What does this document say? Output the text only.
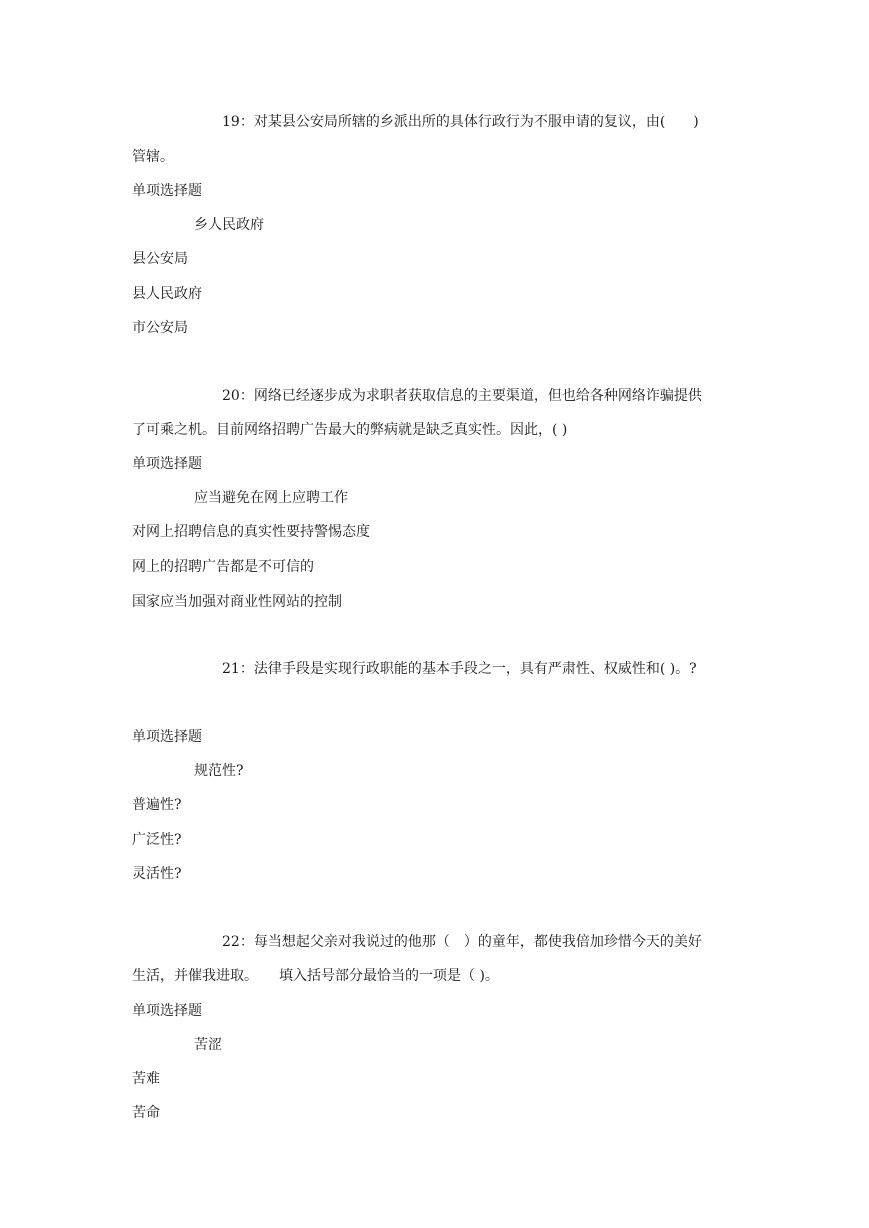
19：对某县公安局所辖的乡派出所的具体行政行为不服申请的复议，由(　　)
管辖。
单项选择题
乡人民政府
县公安局
县人民政府
市公安局
20：网络已经逐步成为求职者获取信息的主要渠道，但也给各种网络诈骗提供
了可乘之机。目前网络招聘广告最大的弊病就是缺乏真实性。因此，( )
单项选择题
应当避免在网上应聘工作
对网上招聘信息的真实性要持警惕态度
网上的招聘广告都是不可信的
国家应当加强对商业性网站的控制
21：法律手段是实现行政职能的基本手段之一，具有严肃性、权威性和( )。?
单项选择题
规范性?
普遍性?
广泛性?
灵活性?
22：每当想起父亲对我说过的他那（　）的童年，都使我倍加珍惜今天的美好
生活，并催我进取。　　填入括号部分最恰当的一项是（ )。
单项选择题
苦涩
苦难
苦命
